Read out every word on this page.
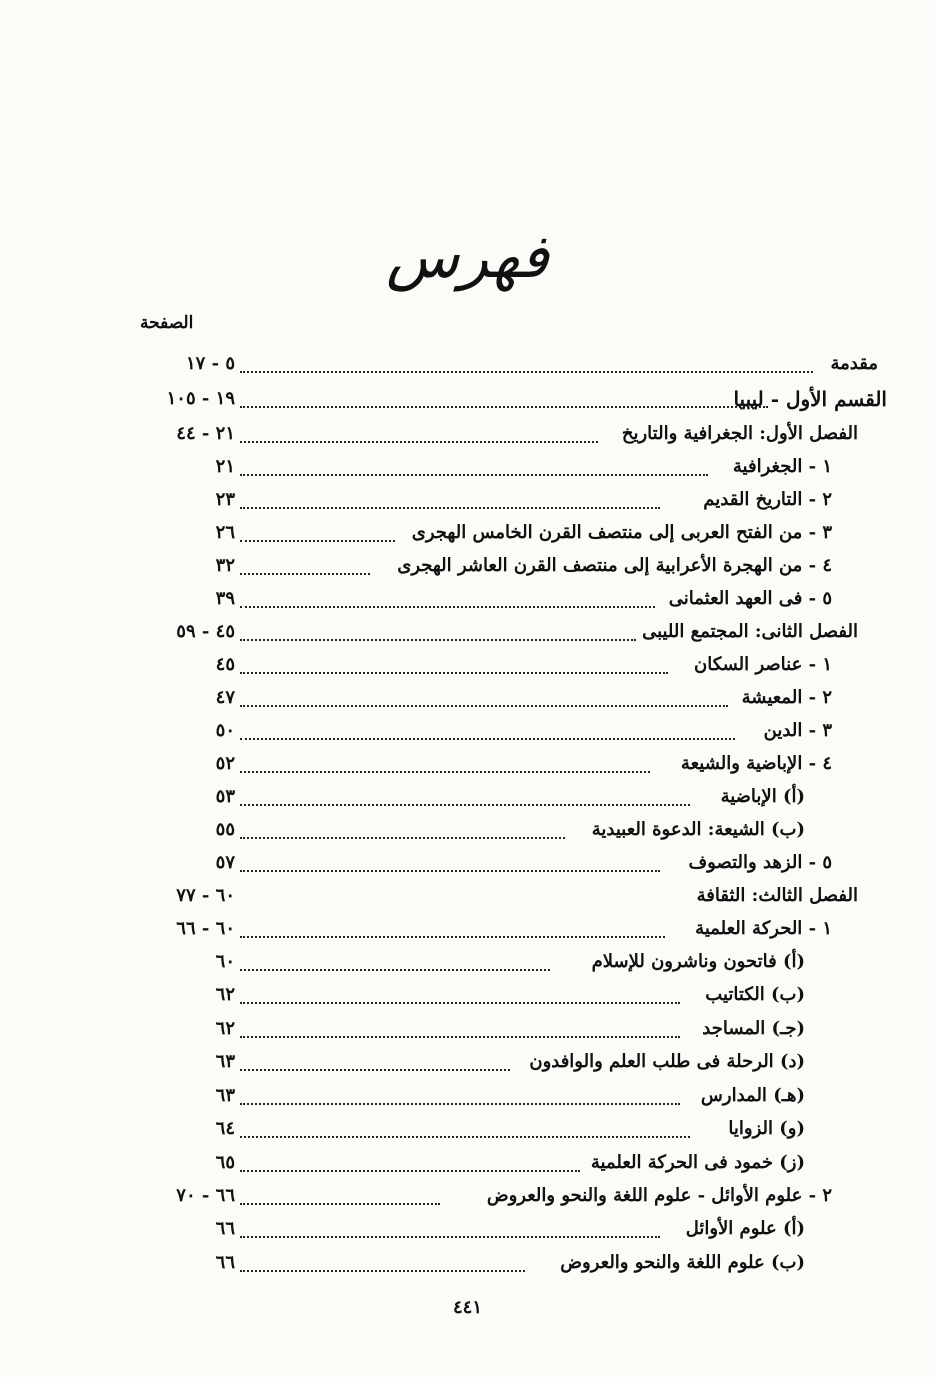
فهرس
الصفحة
٥ - ١٧	مقدمة
١٩ - ١٠٥	القسم الأول - ليبيا
٢١ - ٤٤	الفصل الأول: الجغرافية والتاريخ
٢١	١ - الجغرافية
٢٣	٢ - التاريخ القديم
٢٦	٣ - من الفتح العربى إلى منتصف القرن الخامس الهجرى
٣٢	٤ - من الهجرة الأعرابية إلى منتصف القرن العاشر الهجرى
٣٩	٥ - فى العهد العثمانى
٤٥ - ٥٩	الفصل الثانى: المجتمع الليبى
٤٥	١ - عناصر السكان
٤٧	٢ - المعيشة
٥٠	٣ - الدين
٥٢	٤ - الإباضية والشيعة
٥٣	(أ) الإباضية
٥٥	(ب) الشيعة: الدعوة العبيدية
٥٧	٥ - الزهد والتصوف
٦٠ - ٧٧	الفصل الثالث: الثقافة
٦٠ - ٦٦	١ - الحركة العلمية
٦٠	(أ) فاتحون وناشرون للإسلام
٦٢	(ب) الكتاتيب
٦٢	(جـ) المساجد
٦٣	(د) الرحلة فى طلب العلم والوافدون
٦٣	(هـ) المدارس
٦٤	(و) الزوايا
٦٥	(ز) خمود فى الحركة العلمية
٦٦ - ٧٠	٢ - علوم الأوائل - علوم اللغة والنحو والعروض
٦٦	(أ) علوم الأوائل
٦٦	(ب) علوم اللغة والنحو والعروض
٤٤١
